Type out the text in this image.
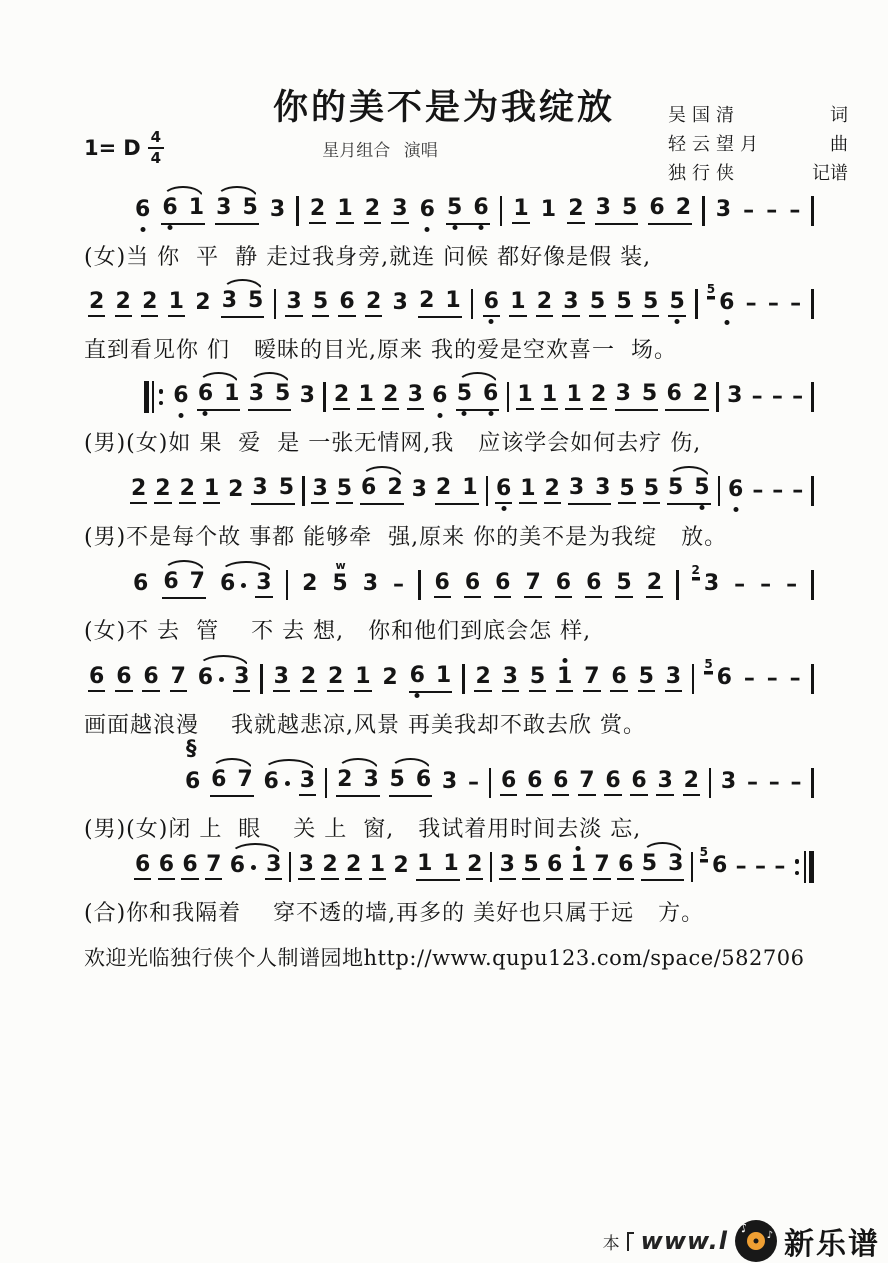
你的美不是为我绽放
1= D 4
4	星月组合 演唱
吴国清	词
轻云望月	曲
独行侠	记谱
6 6 1 3 5 3 2 1 2 3 6 5 6 1 1 2 3 5 6 2 3 – – –
(女)当 你  平  静 走过我身旁,就连 问候 都好像是假 装,
2 2 2 1 2 3 5 3 5 6 2 3 2 1 6 1 2 3 5 5 5 5 5
6 – – –
直到看见你 们   暧昧的目光,原来 我的爱是空欢喜一  场。
6 6 1 3 5 3 2 1 2 3 6 5 6 1 1 1 2 3 5 6 2 3 – – –
(男)(女)如 果  爱  是 一张无情网,我   应该学会如何去疗 伤,
2 2 2 1 2 3 5 3 5 6 2 3 2 1 6 1 2 3 3 5 5 5 5 6 – – –
(男)不是每个故 事都 能够牵  强,原来 你的美不是为我绽   放。
6 6 7 6 3 2
w
5 3 – 6 6 6 7 6 6 5 2 2
3 – – –
(女)不 去  管    不 去 想,   你和他们到底会怎 样,
6 6 6 7 6 3 3 2 2 1 2 6 1 2 3 5 1 7 6 5 3 5
6 – – –
画面越浪漫    我就越悲凉,风景 再美我却不敢去欣 赏。
§
6 6 7 6 3 2 3 5 6 3 – 6 6 6 7 6 6 3 2 3 – – –
(男)(女)闭 上  眼    关 上  窗,   我试着用时间去淡 忘,
6 6 6 7 6 3 3 2 2 1 2 1 1 2 3 5 6 1 7 6 5 3 5
6 – – –
(合)你和我隔着    穿不透的墙,再多的 美好也只属于远   方。
欢迎光临独行侠个人制谱园地http://www.qupu123.com/space/582706
本 www.l ♪ ♪ 新乐谱
